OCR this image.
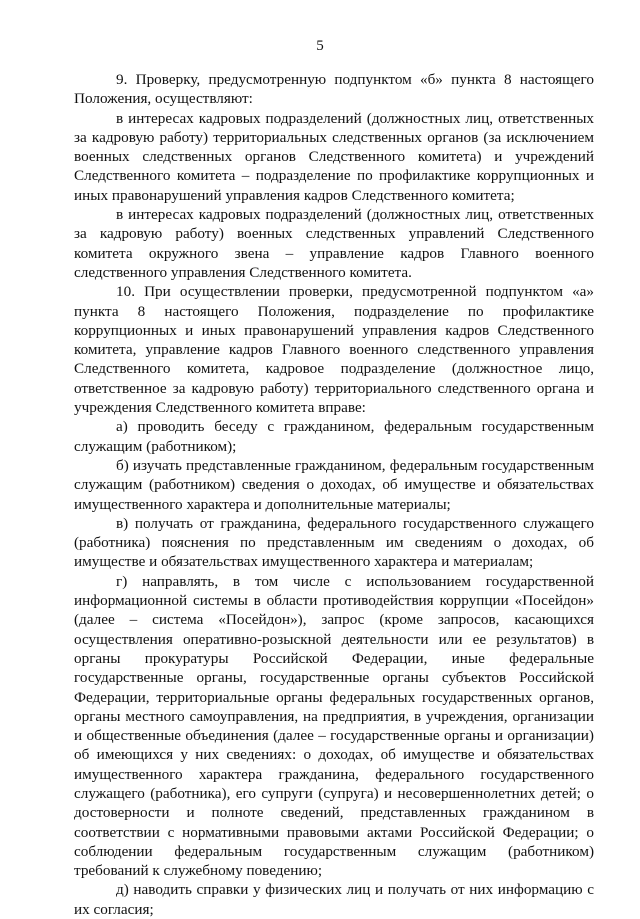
5

9. Проверку, предусмотренную подпунктом «б» пункта 8 настоящего Положения, осуществляют:

в интересах кадровых подразделений (должностных лиц, ответственных за кадровую работу) территориальных следственных органов (за исключением военных следственных органов Следственного комитета) и учреждений Следственного комитета – подразделение по профилактике коррупционных и иных правонарушений управления кадров Следственного комитета;

в интересах кадровых подразделений (должностных лиц, ответственных за кадровую работу) военных следственных управлений Следственного комитета окружного звена – управление кадров Главного военного следственного управления Следственного комитета.

10. При осуществлении проверки, предусмотренной подпунктом «а» пункта 8 настоящего Положения, подразделение по профилактике коррупционных и иных правонарушений управления кадров Следственного комитета, управление кадров Главного военного следственного управления Следственного комитета, кадровое подразделение (должностное лицо, ответственное за кадровую работу) территориального следственного органа и учреждения Следственного комитета вправе:

а) проводить беседу с гражданином, федеральным государственным служащим (работником);

б) изучать представленные гражданином, федеральным государственным служащим (работником) сведения о доходах, об имуществе и обязательствах имущественного характера и дополнительные материалы;

в) получать от гражданина, федерального государственного служащего (работника) пояснения по представленным им сведениям о доходах, об имуществе и обязательствах имущественного характера и материалам;

г) направлять, в том числе с использованием государственной информационной системы в области противодействия коррупции «Посейдон» (далее – система «Посейдон»), запрос (кроме запросов, касающихся осуществления оперативно-розыскной деятельности или ее результатов) в органы прокуратуры Российской Федерации, иные федеральные государственные органы, государственные органы субъектов Российской Федерации, территориальные органы федеральных государственных органов, органы местного самоуправления, на предприятия, в учреждения, организации и общественные объединения (далее – государственные органы и организации) об имеющихся у них сведениях: о доходах, об имуществе и обязательствах имущественного характера гражданина, федерального государственного служащего (работника), его супруги (супруга) и несовершеннолетних детей; о достоверности и полноте сведений, представленных гражданином в соответствии с нормативными правовыми актами Российской Федерации; о соблюдении федеральным государственным служащим (работником) требований к служебному поведению;

д) наводить справки у физических лиц и получать от них информацию с их согласия;
